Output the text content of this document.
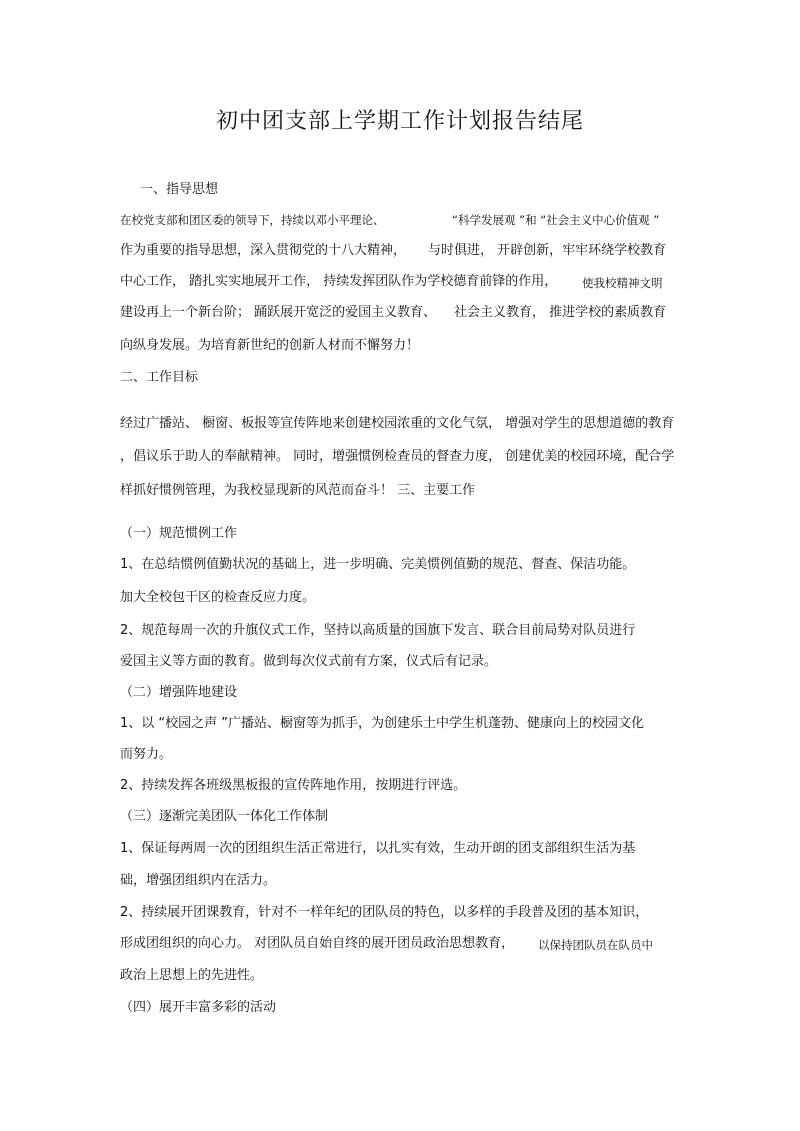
初中团支部上学期工作计划报告结尾
一、指导思想
在校党支部和团区委的领导下，持续以邓小平理论、	“科学发展观 ”和 “社会主义中心价值观 ”
作为重要的指导思想，深入贯彻党的十八大精神， 与时俱进， 开辟创新，牢牢环绕学校教育
中心工作， 踏扎实实地展开工作， 持续发挥团队作为学校德育前锋的作用， 使我校精神文明
建设再上一个新台阶； 踊跃展开宽泛的爱国主义教育、 社会主义教育， 推进学校的素质教育
向纵身发展。为培育新世纪的创新人材而不懈努力！
二、工作目标
经过广播站、 橱窗、板报等宣传阵地来创建校园浓重的文化气氛， 增强对学生的思想道德的教育
，倡议乐于助人的奉献精神。 同时，增强惯例检查员的督查力度， 创建优美的校园环境，配合学
样抓好惯例管理，为我校显现新的风范而奋斗！ 三、主要工作
（一）规范惯例工作
1、在总结惯例值勤状况的基础上，进一步明确、完美惯例值勤的规范、督查、保洁功能。
加大全校包干区的检查反应力度。
2、规范每周一次的升旗仪式工作，坚持以高质量的国旗下发言、联合目前局势对队员进行
爱国主义等方面的教育。做到每次仪式前有方案，仪式后有记录。
（二）增强阵地建设
1、以 “校园之声 ”广播站、橱窗等为抓手，为创建乐土中学生机蓬勃、健康向上的校园文化
而努力。
2、持续发挥各班级黑板报的宣传阵地作用，按期进行评选。
（三）逐渐完美团队一体化工作体制
1、保证每两周一次的团组织生活正常进行，以扎实有效，生动开朗的团支部组织生活为基
础，增强团组织内在活力。
2、持续展开团课教育，针对不一样年纪的团队员的特色，以多样的手段普及团的基本知识，
形成团组织的向心力。 对团队员自始自终的展开团员政治思想教育， 以保持团队员在队员中
政治上思想上的先进性。
（四）展开丰富多彩的活动
